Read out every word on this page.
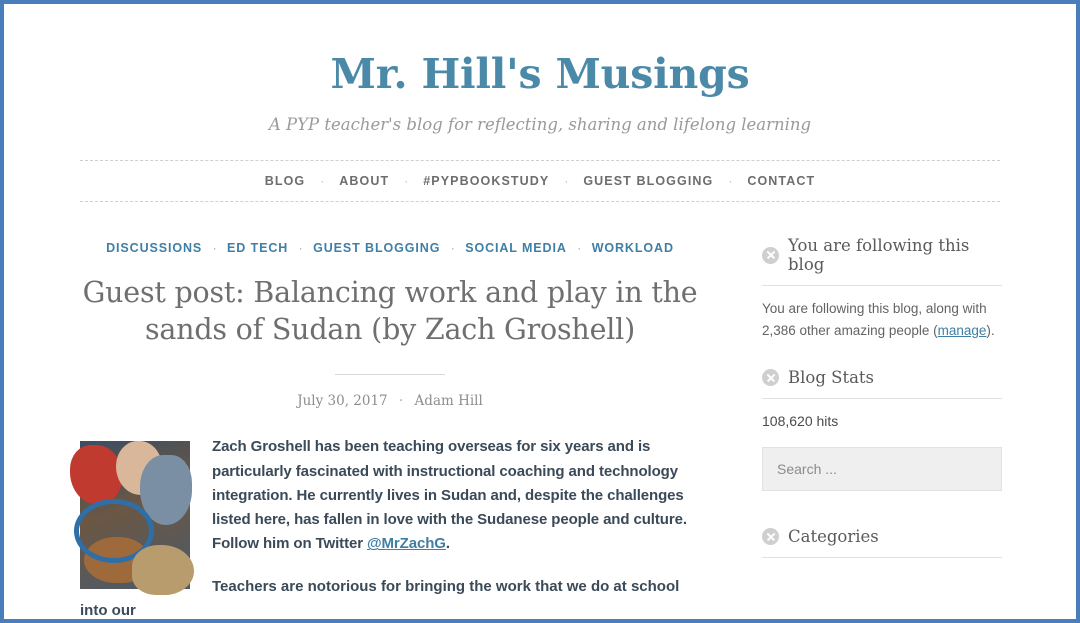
Mr. Hill's Musings

A PYP teacher's blog for reflecting, sharing and lifelong learning

BLOG	·	ABOUT	·	#PYPBOOKSTUDY	·	GUEST BLOGGING	·	CONTACT
DISCUSSIONS · ED TECH · GUEST BLOGGING · SOCIAL MEDIA · WORKLOAD
Guest post: Balancing work and play in the sands of Sudan (by Zach Groshell)
July 30, 2017 · Adam Hill

Zach Groshell has been teaching overseas for six years and is particularly fascinated with instructional coaching and technology integration. He currently lives in Sudan and, despite the challenges listed here, has fallen in love with the Sudanese people and culture. Follow him on Twitter @MrZachG.

Teachers are notorious for bringing the work that we do at school into our

You are following this blog
You are following this blog, along with 2,386 other amazing people (manage).
Blog Stats
108,620 hits
Search ...
Categories
